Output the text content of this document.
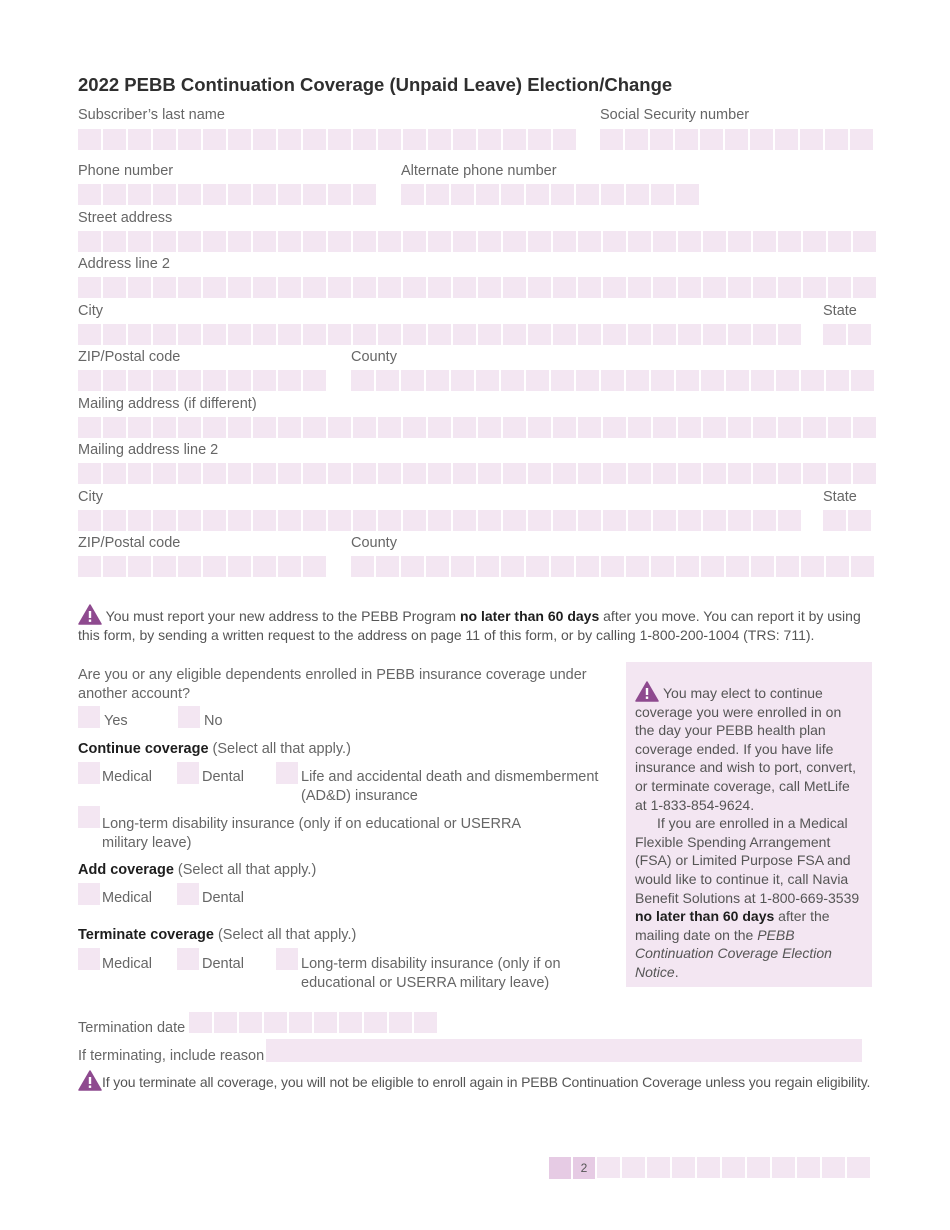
2022 PEBB Continuation Coverage (Unpaid Leave) Election/Change
Subscriber’s last name	Social Security number
Phone number	Alternate phone number
Street address
Address line 2
City	State
ZIP/Postal code	County
Mailing address (if different)
Mailing address line 2
City	State
ZIP/Postal code	County
You must report your new address to the PEBB Program no later than 60 days after you move. You can report it by using this form, by sending a written request to the address on page 11 of this form, or by calling 1-800-200-1004 (TRS: 711).
Are you or any eligible dependents enrolled in PEBB insurance coverage under another account?
Yes	No
Continue coverage (Select all that apply.)
Medical	Dental	Life and accidental death and dismemberment (AD&D) insurance
Long-term disability insurance (only if on educational or USERRA military leave)
Add coverage (Select all that apply.)
Medical	Dental
Terminate coverage (Select all that apply.)
Medical	Dental	Long-term disability insurance (only if on educational or USERRA military leave)

You may elect to continue coverage you were enrolled in on the day your PEBB health plan coverage ended. If you have life insurance and wish to port, convert, or terminate coverage, call MetLife at 1-833-854-9624.

If you are enrolled in a Medical Flexible Spending Arrangement (FSA) or Limited Purpose FSA and would like to continue it, call Navia Benefit Solutions at 1-800-669-3539 no later than 60 days after the mailing date on the PEBB Continuation Coverage Election Notice.

Termination date
If terminating, include reason
If you terminate all coverage, you will not be eligible to enroll again in PEBB Continuation Coverage unless you regain eligibility.
2
